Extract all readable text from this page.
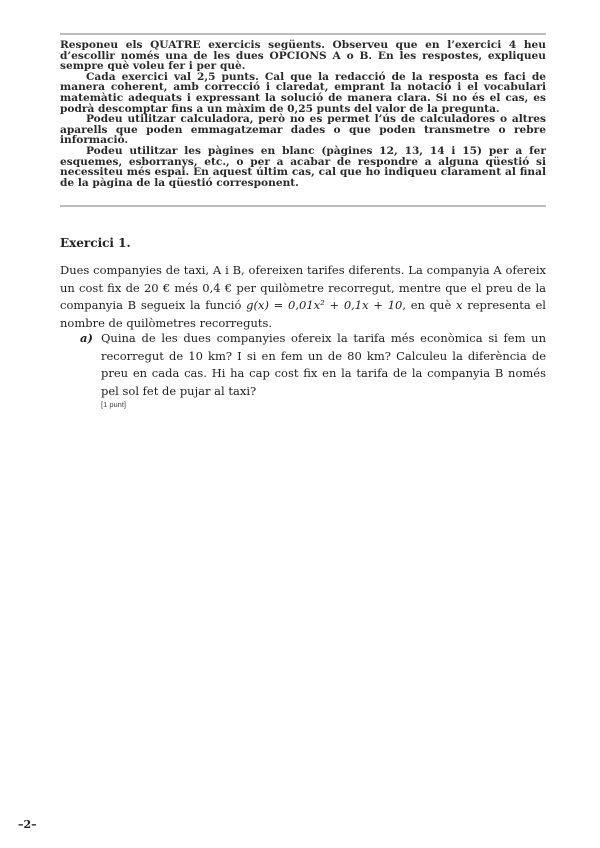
Responeu els QUATRE exercicis següents. Observeu que en l’exercici 4 heu d’escollir només una de les dues OPCIONS A o B. En les respostes, expliqueu sempre què voleu fer i per què.

Cada exercici val 2,5 punts. Cal que la redacció de la resposta es faci de manera coherent, amb correcció i claredat, emprant la notació i el vocabulari matemàtic adequats i expressant la solució de manera clara. Si no és el cas, es podrà descomptar fins a un màxim de 0,25 punts del valor de la pregunta.

Podeu utilitzar calculadora, però no es permet l’ús de calculadores o altres aparells que poden emmagatzemar dades o que poden transmetre o rebre informació.

Podeu utilitzar les pàgines en blanc (pàgines 12, 13, 14 i 15) per a fer esquemes, esborranys, etc., o per a acabar de respondre a alguna qüestió si necessiteu més espai. En aquest últim cas, cal que ho indiqueu clarament al final de la pàgina de la qüestió corresponent.

Exercici 1.
Dues companyies de taxi, A i B, ofereixen tarifes diferents. La companyia A ofereix un cost fix de 20 € més 0,4 € per quilòmetre recorregut, mentre que el preu de la companyia B segueix la funció g(x) = 0,01x² + 0,1x + 10, en què x representa el nombre de quilòmetres recorreguts.
a) Quina de les dues companyies ofereix la tarifa més econòmica si fem un recorregut de 10 km? I si en fem un de 80 km? Calculeu la diferència de preu en cada cas. Hi ha cap cost fix en la tarifa de la companyia B només pel sol fet de pujar al taxi?
[1 punt]
–2–
